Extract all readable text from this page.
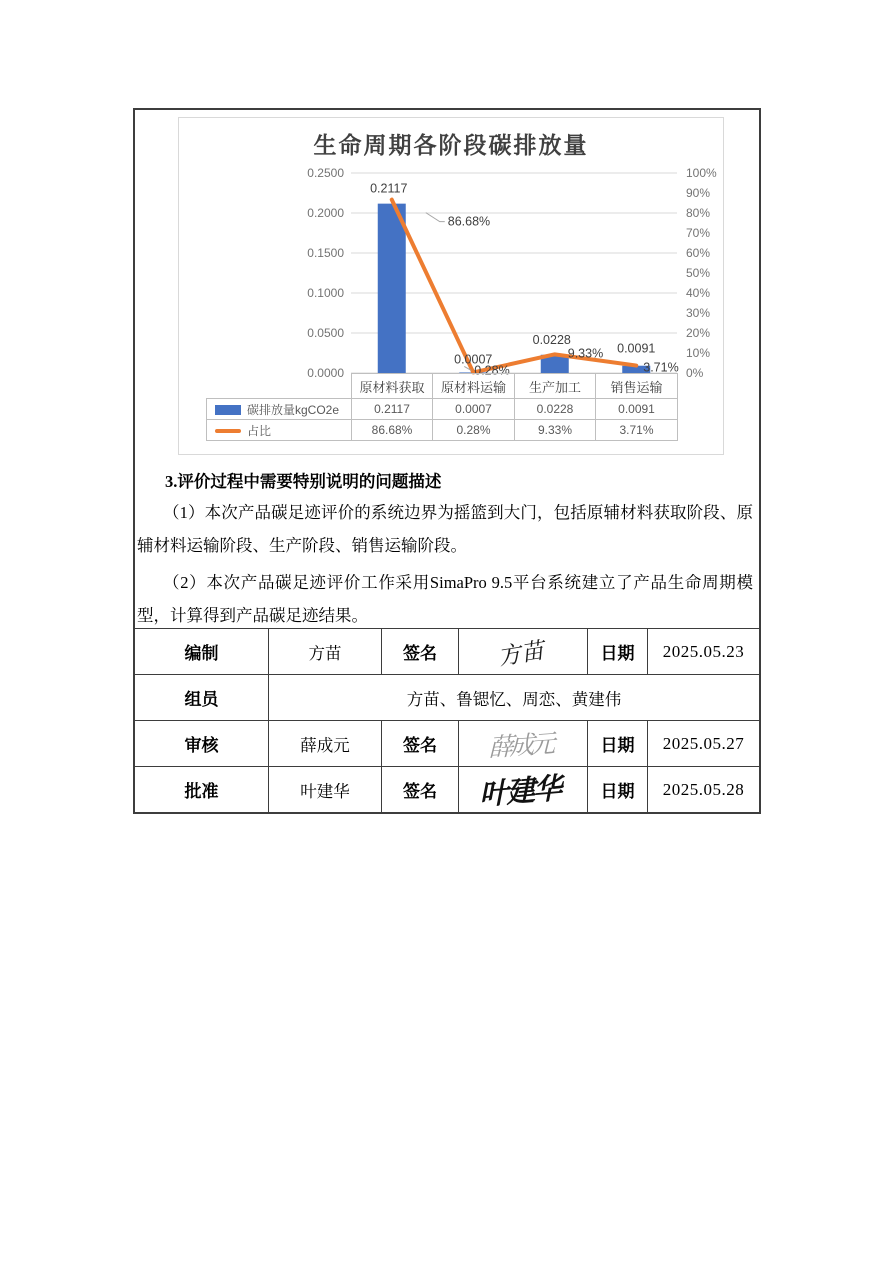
0.2500
0.2000
0.1500
0.1000
0.0500
0.0000
100%
90%
80%
70%
60%
50%
40%
30%
20%
10%
0%
0.2117
0.0007
0.0228
0.0091
86.68%
0.28%
9.33%
3.71%
生命周期各阶段碳排放量
	原材料获取	原材料运输	生产加工	销售运输
碳排放量kgCO2e	0.2117	0.0007	0.0228	0.0091
占比	86.68%	0.28%	9.33%	3.71%
3.评价过程中需要特别说明的问题描述

（1）本次产品碳足迹评价的系统边界为摇篮到大门，包括原辅材料获取阶段、原辅材料运输阶段、生产阶段、销售运输阶段。

（2）本次产品碳足迹评价工作采用SimaPro 9.5平台系统建立了产品生命周期模型，计算得到产品碳足迹结果。

编制	方苗	签名	方苗	日期	2025.05.23
组员	方苗、鲁锶忆、周恋、黄建伟
审核	薛成元	签名	薛成元	日期	2025.05.27
批准	叶建华	签名	叶建华	日期	2025.05.28
